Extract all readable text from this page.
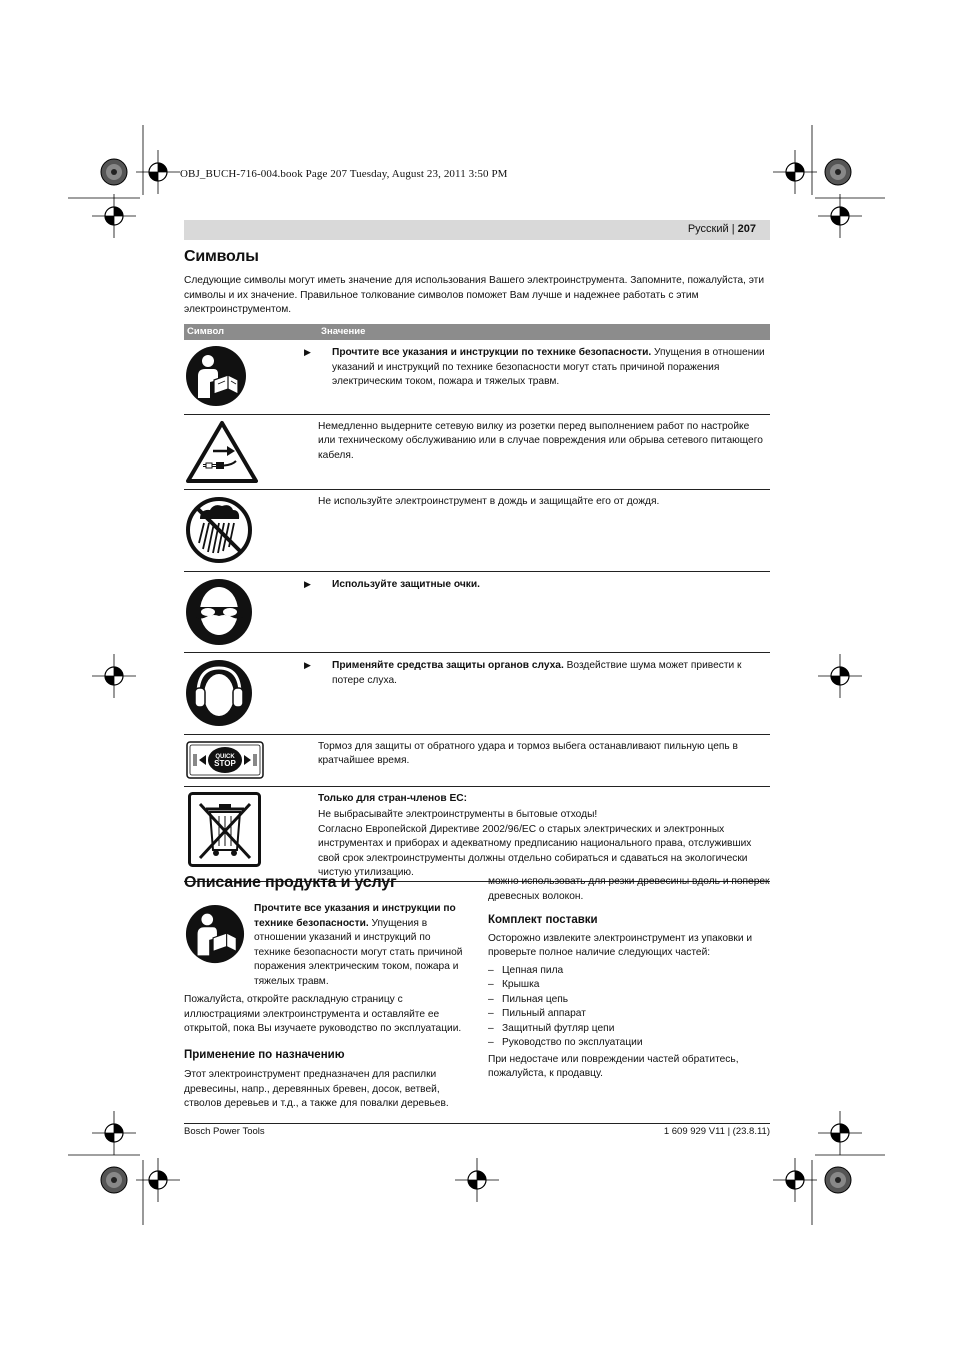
OBJ_BUCH-716-004.book Page 207 Tuesday, August 23, 2011 3:50 PM
Русский | 207
Символы
Следующие символы могут иметь значение для использования Вашего электроинструмента. Запомните, пожалуйста, эти символы и их значение. Правильное толкование символов поможет Вам лучше и надежнее работать с этим электроинструментом.
Символ	Значение

▶ Прочтите все указания и инструкции по технике безопасности. Упущения в отношении указаний и инструкций по технике безопасности могут стать причиной поражения электрическим током, пожара и тяжелых травм.

	Немедленно выдерните сетевую вилку из розетки перед выполнением работ по настройке или техническому обслуживанию или в случае повреждения или обрыва сетевого питающего кабеля.
	Не используйте электроинструмент в дождь и защищайте его от дождя.

▶ Используйте защитные очки.

▶ Применяйте средства защиты органов слуха. Воздействие шума может привести к потере слуха.

QUICK
STOP	Тормоз для защиты от обратного удара и тормоз выбега останавливают пильную цепь в кратчайшее время.

Только для стран-членов ЕС:
Не выбрасывайте электроинструменты в бытовые отходы!
Согласно Европейской Директиве 2002/96/ЕС о старых электрических и электронных инструментах и приборах и адекватному предписанию национального права, отслуживших свой срок электроинструменты должны отдельно собираться и сдаваться на экологически чистую утилизацию.
Описание продукта и услуг
Прочтите все указания и инструкции по технике безопасности. Упущения в отношении указаний и инструкций по технике безопасности могут стать причиной поражения электрическим током, пожара и тяжелых травм.
Пожалуйста, откройте раскладную страницу с иллюстрациями электроинструмента и оставляйте ее открытой, пока Вы изучаете руководство по эксплуатации.
Применение по назначению
Этот электроинструмент предназначен для распилки древесины, напр., деревянных бревен, досок, ветвей, стволов деревьев и т.д., а также для повалки деревьев.
можно использовать для резки древесины вдоль и поперек
древесных волокон.
Комплект поставки
Осторожно извлеките электроинструмент из упаковки и проверьте полное наличие следующих частей:
– Цепная пила
– Крышка
– Пильная цепь
– Пильный аппарат
– Защитный футляр цепи
– Руководство по эксплуатации
При недостаче или повреждении частей обратитесь, пожалуйста, к продавцу.
Bosch Power Tools	1 609 929 V11 | (23.8.11)
